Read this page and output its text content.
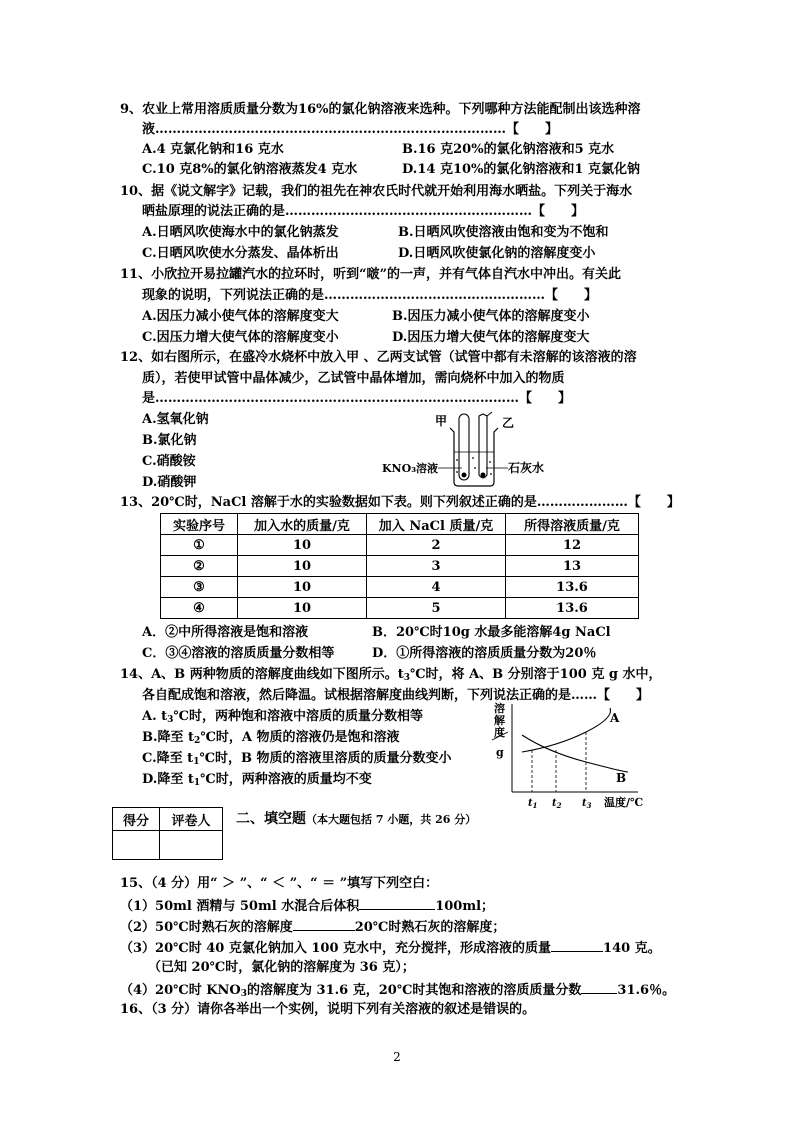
9、农业上常用溶质质量分数为16%的氯化钠溶液来选种。下列哪种方法能配制出该选种溶
液………………………………………………………………………【　　】
A.4 克氯化钠和16 克水	B.16 克20%的氯化钠溶液和5 克水
C.10 克8%的氯化钠溶液蒸发4 克水	D.14 克10%的氯化钠溶液和1 克氯化钠
10、据《说文解字》记载，我们的祖先在神农氏时代就开始利用海水晒盐。下列关于海水
晒盐原理的说法正确的是…………………………………………………【　　】
A.日晒风吹使海水中的氯化钠蒸发	B.日晒风吹使溶液由饱和变为不饱和
C.日晒风吹使水分蒸发、晶体析出	D.日晒风吹使氯化钠的溶解度变小
11、小欣拉开易拉罐汽水的拉环时，听到“啵”的一声，并有气体自汽水中冲出。有关此
现象的说明，下列说法正确的是……………………………………………【　　】
A.因压力减小使气体的溶解度变大	B.因压力减小使气体的溶解度变小
C.因压力增大使气体的溶解度变小	D.因压力增大使气体的溶解度变大
12、如右图所示，在盛冷水烧杯中放入甲 、乙两支试管（试管中都有未溶解的该溶液的溶
质），若使甲试管中晶体减少，乙试管中晶体增加，需向烧杯中加入的物质
是…………………………………………………………………………【　　】
A.氢氧化钠
B.氯化钠
C.硝酸铵
D.硝酸钾
甲	乙
KNO₃溶液	石灰水
13、20℃时，NaCl 溶解于水的实验数据如下表。则下列叙述正确的是…………………【　　】
实验序号	加入水的质量/克	加入 NaCl 质量/克	所得溶液质量/克
①	10	2	12
②	10	3	13
③	10	4	13.6
④	10	5	13.6
A．②中所得溶液是饱和溶液	B．20℃时10g 水最多能溶解4g NaCl
C．③④溶液的溶质质量分数相等	D．①所得溶液的溶质质量分数为20％
14、A、B 两种物质的溶解度曲线如下图所示。$t_3℃$时，将 A、B 分别溶于100 克 g 水中，
各自配成饱和溶液，然后降温。试根据溶解度曲线判断，下列说法正确的是……【　　】
A. $t_3℃$时，两种饱和溶液中溶质的质量分数相等
B.降至 $t_2℃$时，A 物质的溶液仍是饱和溶液
C.降至 $t_1℃$时，B 物质的溶液里溶质的质量分数变小
D.降至 $t_1℃$时，两种溶液的质量均不变
溶
解
度
g
A
B
$t_1$ $t_2$ $t_3$ 温度/℃
得分	评卷人
	二、填空题（本大题包括 7 小题，共 26 分）
15、（4 分）用“ ＞ ”、“ ＜ ”、“ ＝ ”填写下列空白：
（1）50ml 酒精与 50ml 水混合后体积	100ml；
（2）50℃时熟石灰的溶解度	20℃时熟石灰的溶解度；
（3）20℃时 40 克氯化钠加入 100 克水中，充分搅拌，形成溶液的质量	140 克。
（已知 20℃时，氯化钠的溶解度为 36 克）；
（4）20℃时 $KNO_3$的溶解度为 31.6 克，20℃时其饱和溶液的溶质质量分数	31.6％。
16、（3 分）请你各举出一个实例，说明下列有关溶液的叙述是错误的。
2
